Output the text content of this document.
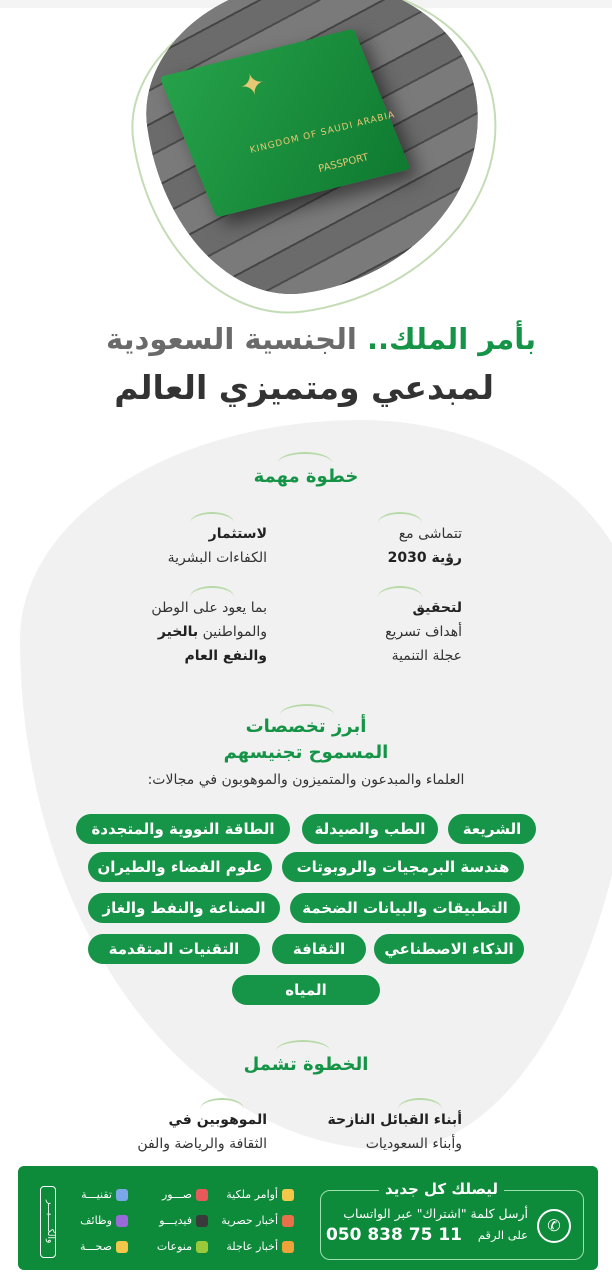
✦
KINGDOM OF SAUDI ARABIA
PASSPORT
بأمر الملك.. الجنسية السعودية
لمبدعي ومتميزي العالم
خطوة مهمة
تتماشى مع
رؤية 2030
لاستثمار
الكفاءات البشرية
لتحقيق
أهداف تسريع
عجلة التنمية
بما يعود على الوطن
والمواطنين بالخير
والنفع العام
أبرز تخصصات
المسموح تجنيسهم
العلماء والمبدعون والمتميزون والموهوبون في مجالات:
الشريعة
الطب والصيدلة
الطاقة النووية والمتجددة
هندسة البرمجيات والروبوتات
علوم الفضاء والطيران
التطبيقات والبيانات الضخمة
الصناعة والنفط والغاز
الذكاء الاصطناعي
الثقافة
التقنيات المتقدمة
المياه
الخطوة تشمل
أبناء القبائل النازحة
وأبناء السعوديات
الموهوبين في
الثقافة والرياضة والفن
ليصلك كل جديد
✆
أرسل كلمة "اشتراك" عبر الواتساب
على الرقم
050 838 75 11
أوامر ملكية
صـــور
تقنيـــة
أخبار حصرية
فيديـــو
وظائف
أخبار عاجلة
منوعات
صحـــة
والكـــــيـــر
